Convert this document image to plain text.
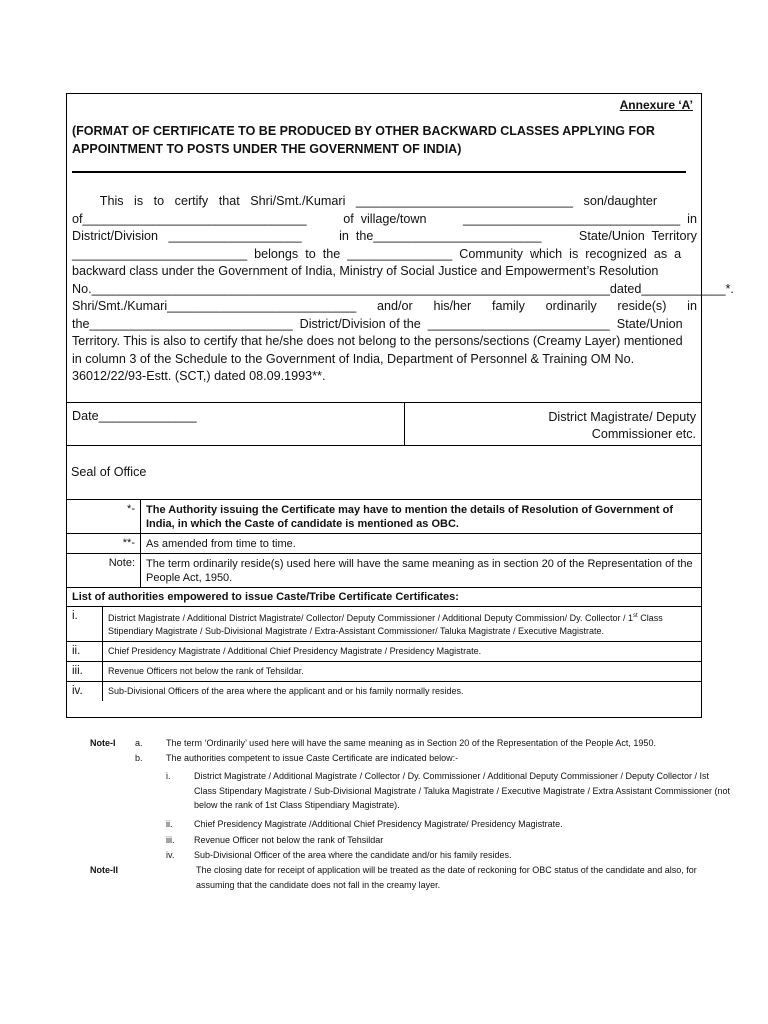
Annexure ‘A’
(FORMAT OF CERTIFICATE TO BE PRODUCED BY OTHER BACKWARD CLASSES APPLYING FOR APPOINTMENT TO POSTS UNDER THE GOVERNMENT OF INDIA)
This   is   to   certify   that   Shri/Smt./Kumari   _______________________________   son/daughter
of________________________________	of  village/town	_______________________________  in
District/Division   ___________________	in  the________________________	State/Union  Territory
_________________________  belongs  to  the  _______________  Community  which  is  recognized  as  a
backward class under the Government of India, Ministry of Social Justice and Empowerment’s Resolution
No.__________________________________________________________________________dated____________*.
Shri/Smt./Kumari___________________________ and/or his/her family ordinarily reside(s) in
the_____________________________  District/Division of the  __________________________  State/Union
Territory. This is also to certify that he/she does not belong to the persons/sections (Creamy Layer) mentioned
in column 3 of the Schedule to the Government of India, Department of Personnel & Training OM No.
36012/22/93-Estt. (SCT,) dated 08.09.1993**.
Date______________	District Magistrate/ Deputy
Commissioner etc.
Seal of Office
*-	The Authority issuing the Certificate may have to mention the details of Resolution of Government of India, in which the Caste of candidate is mentioned as OBC.
**-	As amended from time to time.
Note:	The term ordinarily reside(s) used here will have the same meaning as in section 20 of the Representation of the People Act, 1950.
List of authorities empowered to issue Caste/Tribe Certificate Certificates:
i.	District Magistrate / Additional District Magistrate/ Collector/ Deputy Commissioner / Additional Deputy Commission/ Dy. Collector / 1st Class Stipendiary Magistrate / Sub-Divisional Magistrate / Extra-Assistant Commissioner/ Taluka Magistrate / Executive Magistrate.
ii.	Chief Presidency Magistrate / Additional Chief Presidency Magistrate / Presidency Magistrate.
iii.	Revenue Officers not below the rank of Tehsildar.
iv.	Sub-Divisional Officers of the area where the applicant and or his family normally resides.
Note-I a.	The term ‘Ordinarily’ used here will have the same meaning as in Section 20 of the Representation of the People Act, 1950.
b.	The authorities competent to issue Caste Certificate are indicated below:-
i.	District Magistrate / Additional Magistrate / Collector / Dy. Commissioner / Additional Deputy Commissioner / Deputy Collector / Ist Class Stipendary Magistrate / Sub-Divisional Magistrate / Taluka Magistrate / Executive Magistrate / Extra Assistant Commissioner (not below the rank of 1st Class Stipendiary Magistrate).
ii. Chief Presidency Magistrate /Additional Chief Presidency Magistrate/ Presidency Magistrate.
iii. Revenue Officer not below the rank of Tehsildar
iv. Sub-Divisional Officer of the area where the candidate and/or his family resides.
Note-II	The closing date for receipt of application will be treated as the date of reckoning for OBC status of the candidate and also, for assuming that the candidate does not fall in the creamy layer.
